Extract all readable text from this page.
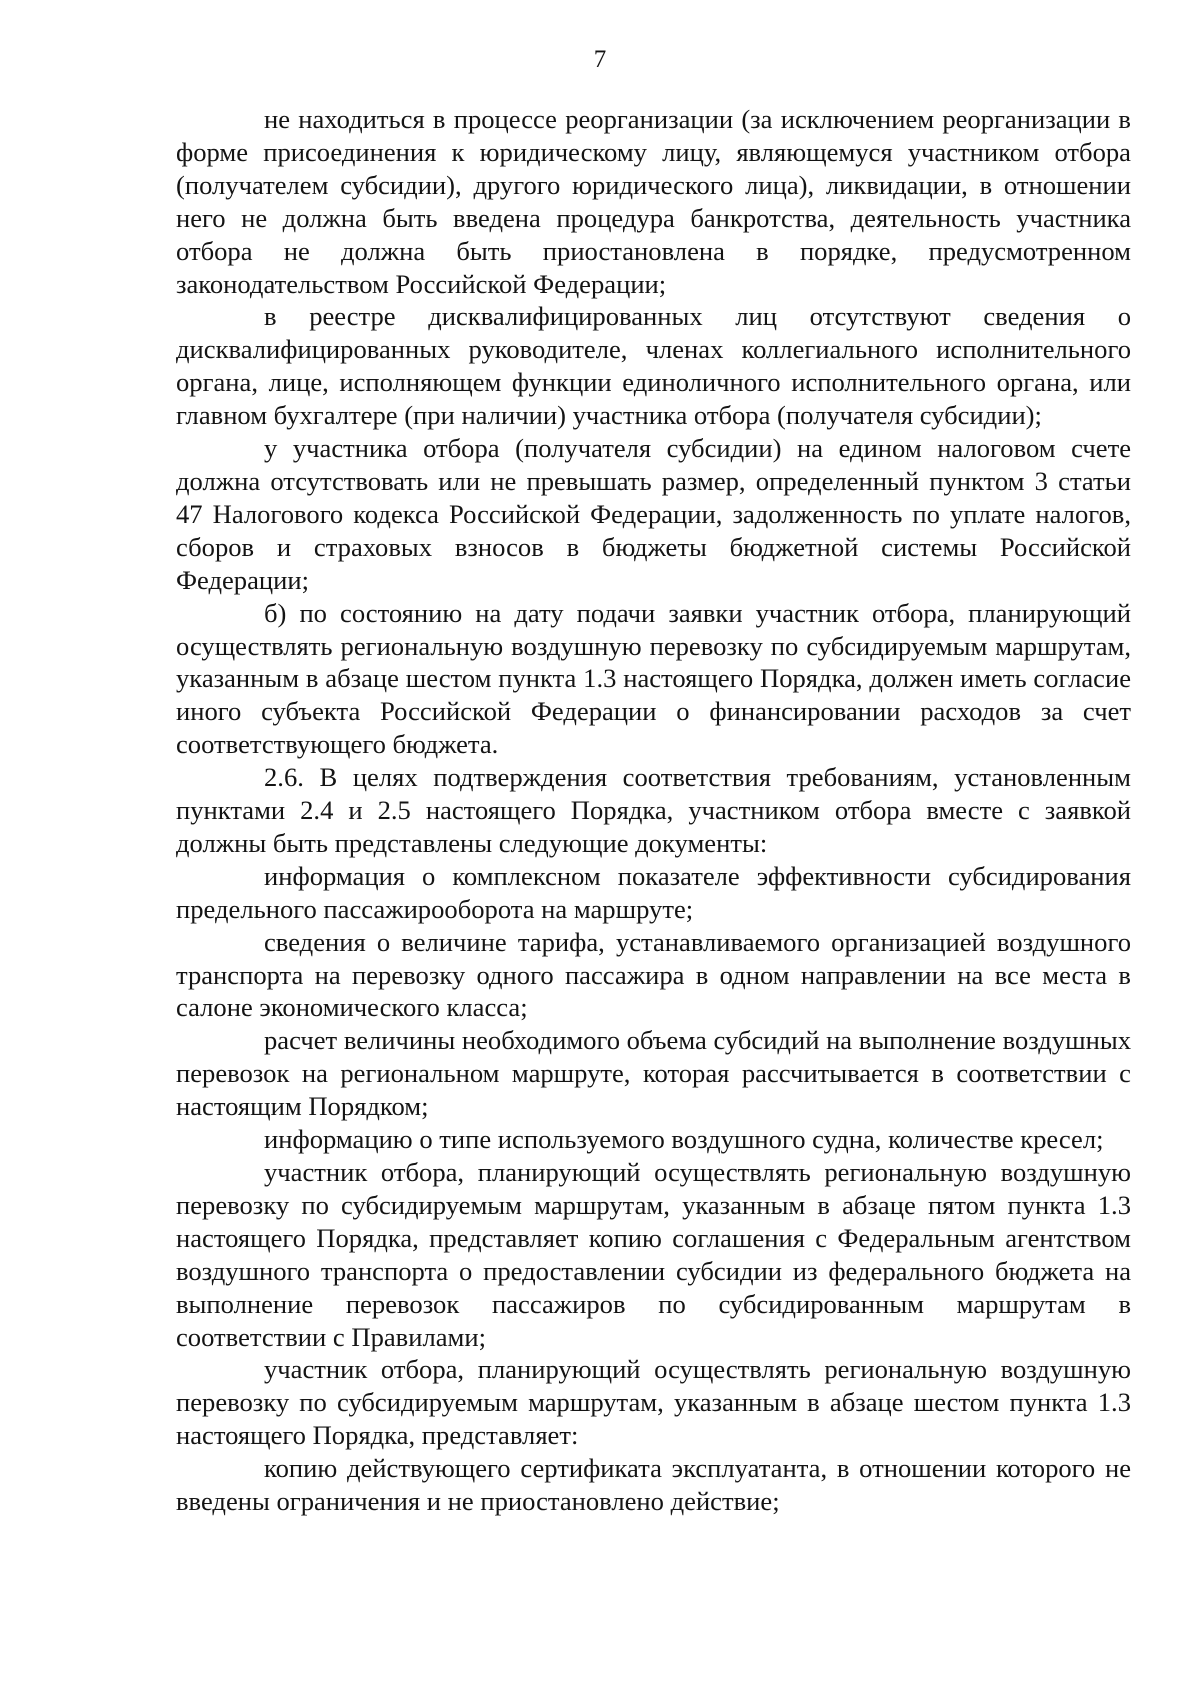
7

не находиться в процессе реорганизации (за исключением реорганизации в форме присоединения к юридическому лицу, являющемуся участником отбора (получателем субсидии), другого юридического лица), ликвидации, в отношении него не должна быть введена процедура банкротства, деятельность участника отбора не должна быть приостановлена в порядке, предусмотренном законодательством Российской Федерации;

в реестре дисквалифицированных лиц отсутствуют сведения о дисквалифицированных руководителе, членах коллегиального исполнительного органа, лице, исполняющем функции единоличного исполнительного органа, или главном бухгалтере (при наличии) участника отбора (получателя субсидии);

у участника отбора (получателя субсидии) на едином налоговом счете должна отсутствовать или не превышать размер, определенный пунктом 3 статьи 47 Налогового кодекса Российской Федерации, задолженность по уплате налогов, сборов и страховых взносов в бюджеты бюджетной системы Российской Федерации;

б) по состоянию на дату подачи заявки участник отбора, планирующий осуществлять региональную воздушную перевозку по субсидируемым маршрутам, указанным в абзаце шестом пункта 1.3 настоящего Порядка, должен иметь согласие иного субъекта Российской Федерации о финансировании расходов за счет соответствующего бюджета.

2.6. В целях подтверждения соответствия требованиям, установленным пунктами 2.4 и 2.5 настоящего Порядка, участником отбора вместе с заявкой должны быть представлены следующие документы:

информация о комплексном показателе эффективности субсидирования предельного пассажирооборота на маршруте;

сведения о величине тарифа, устанавливаемого организацией воздушного транспорта на перевозку одного пассажира в одном направлении на все места в салоне экономического класса;

расчет величины необходимого объема субсидий на выполнение воздушных перевозок на региональном маршруте, которая рассчитывается в соответствии с настоящим Порядком;

информацию о типе используемого воздушного судна, количестве кресел;

участник отбора, планирующий осуществлять региональную воздушную перевозку по субсидируемым маршрутам, указанным в абзаце пятом пункта 1.3 настоящего Порядка, представляет копию соглашения с Федеральным агентством воздушного транспорта о предоставлении субсидии из федерального бюджета на выполнение перевозок пассажиров по субсидированным маршрутам в соответствии с Правилами;

участник отбора, планирующий осуществлять региональную воздушную перевозку по субсидируемым маршрутам, указанным в абзаце шестом пункта 1.3 настоящего Порядка, представляет:

копию действующего сертификата эксплуатанта, в отношении которого не введены ограничения и не приостановлено действие;
